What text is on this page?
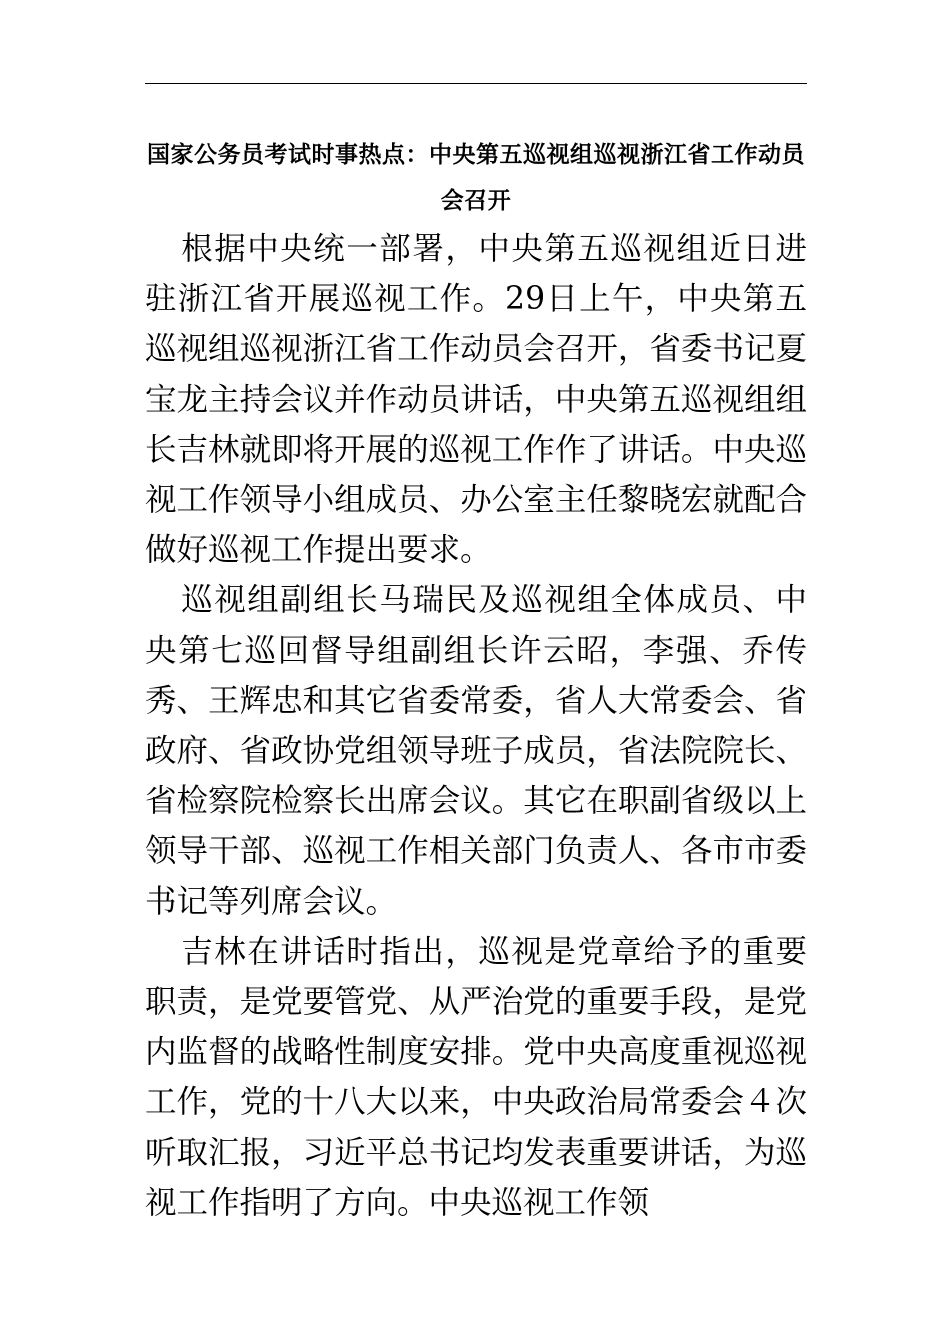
国家公务员考试时事热点：中央第五巡视组巡视浙江省工作动员会召开

根据中央统一部署，中央第五巡视组近日进驻浙江省开展巡视工作。29日上午，中央第五巡视组巡视浙江省工作动员会召开，省委书记夏宝龙主持会议并作动员讲话，中央第五巡视组组长吉林就即将开展的巡视工作作了讲话。中央巡视工作领导小组成员、办公室主任黎晓宏就配合做好巡视工作提出要求。

巡视组副组长马瑞民及巡视组全体成员、中央第七巡回督导组副组长许云昭，李强、乔传秀、王辉忠和其它省委常委，省人大常委会、省政府、省政协党组领导班子成员，省法院院长、省检察院检察长出席会议。其它在职副省级以上领导干部、巡视工作相关部门负责人、各市市委书记等列席会议。

吉林在讲话时指出，巡视是党章给予的重要职责，是党要管党、从严治党的重要手段，是党内监督的战略性制度安排。党中央高度重视巡视工作，党的十八大以来，中央政治局常委会４次听取汇报，习近平总书记均发表重要讲话，为巡视工作指明了方向。中央巡视工作领
